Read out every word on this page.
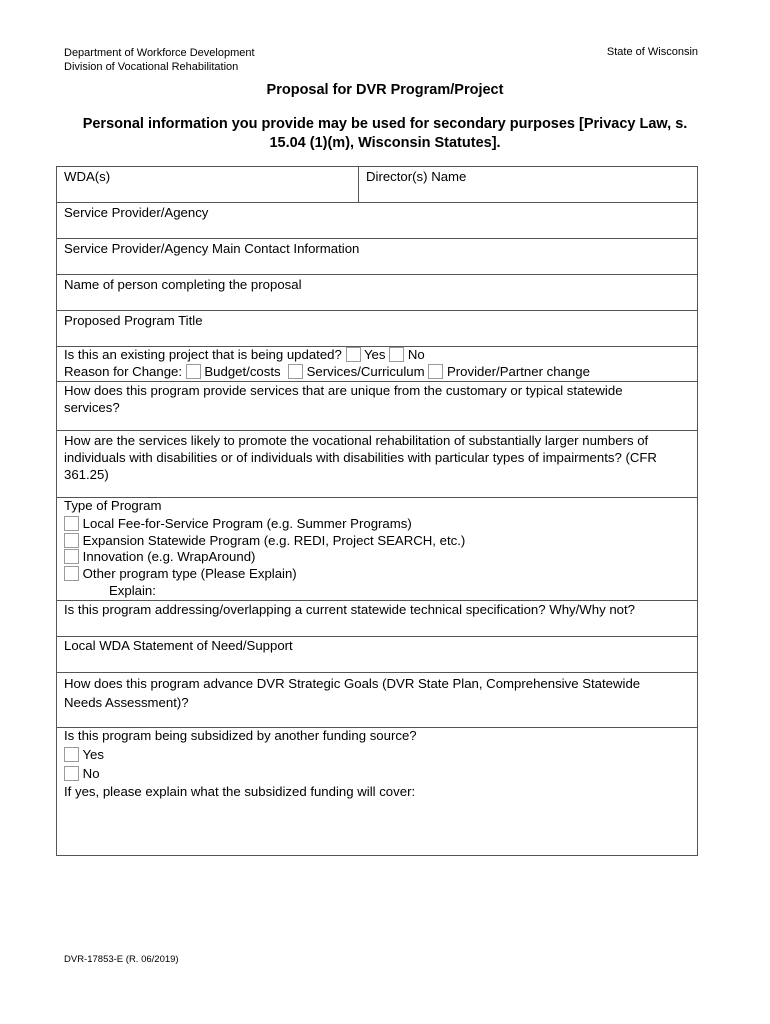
Department of Workforce Development
Division of Vocational Rehabilitation
State of Wisconsin
Proposal for DVR Program/Project
Personal information you provide may be used for secondary purposes [Privacy Law, s.
15.04 (1)(m), Wisconsin Statutes].
WDA(s)	Director(s) Name
Service Provider/Agency
Service Provider/Agency Main Contact Information
Name of person completing the proposal
Proposed Program Title
Is this an existing project that is being updated? Yes No
Reason for Change: Budget/costs Services/Curriculum Provider/Partner change
How does this program provide services that are unique from the customary or typical statewide
services?
How are the services likely to promote the vocational rehabilitation of substantially larger numbers of
individuals with disabilities or of individuals with disabilities with particular types of impairments? (CFR
361.25)
Type of Program
Local Fee-for-Service Program (e.g. Summer Programs)
Expansion Statewide Program (e.g. REDI, Project SEARCH, etc.)
Innovation (e.g. WrapAround)
Other program type (Please Explain)
Explain:
Is this program addressing/overlapping a current statewide technical specification? Why/Why not?
Local WDA Statement of Need/Support
How does this program advance DVR Strategic Goals (DVR State Plan, Comprehensive Statewide
Needs Assessment)?
Is this program being subsidized by another funding source?
Yes
No
If yes, please explain what the subsidized funding will cover:
DVR-17853-E (R. 06/2019)
